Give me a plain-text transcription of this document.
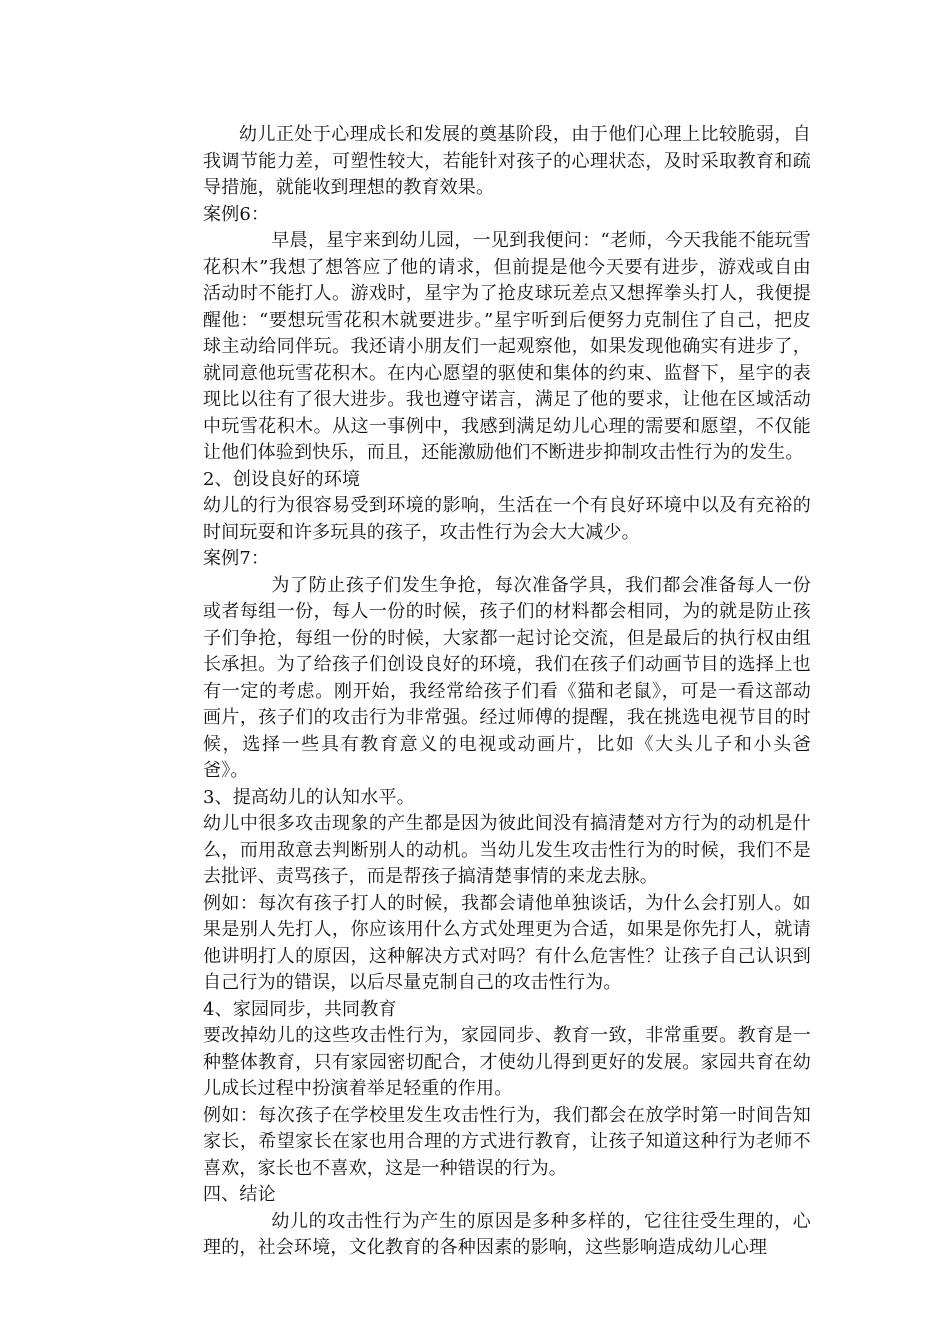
幼儿正处于心理成长和发展的奠基阶段，由于他们心理上比较脆弱，自我调节能力差，可塑性较大，若能针对孩子的心理状态，及时采取教育和疏导措施，就能收到理想的教育效果。

案例6：

早晨，星宇来到幼儿园，一见到我便问：“老师，今天我能不能玩雪花积木”我想了想答应了他的请求，但前提是他今天要有进步，游戏或自由活动时不能打人。游戏时，星宇为了抢皮球玩差点又想挥拳头打人，我便提醒他：“要想玩雪花积木就要进步。”星宇听到后便努力克制住了自己，把皮球主动给同伴玩。我还请小朋友们一起观察他，如果发现他确实有进步了，就同意他玩雪花积木。在内心愿望的驱使和集体的约束、监督下，星宇的表现比以往有了很大进步。我也遵守诺言，满足了他的要求，让他在区域活动中玩雪花积木。从这一事例中，我感到满足幼儿心理的需要和愿望，不仅能让他们体验到快乐，而且，还能激励他们不断进步抑制攻击性行为的发生。

2、创设良好的环境

幼儿的行为很容易受到环境的影响，生活在一个有良好环境中以及有充裕的时间玩耍和许多玩具的孩子，攻击性行为会大大减少。

案例7：

为了防止孩子们发生争抢，每次准备学具，我们都会准备每人一份或者每组一份，每人一份的时候，孩子们的材料都会相同，为的就是防止孩子们争抢，每组一份的时候，大家都一起讨论交流，但是最后的执行权由组长承担。为了给孩子们创设良好的环境，我们在孩子们动画节目的选择上也有一定的考虑。刚开始，我经常给孩子们看《猫和老鼠》，可是一看这部动画片，孩子们的攻击行为非常强。经过师傅的提醒，我在挑选电视节目的时候，选择一些具有教育意义的电视或动画片，比如《大头儿子和小头爸爸》。

3、提高幼儿的认知水平。

幼儿中很多攻击现象的产生都是因为彼此间没有搞清楚对方行为的动机是什么，而用敌意去判断别人的动机。当幼儿发生攻击性行为的时候，我们不是去批评、责骂孩子，而是帮孩子搞清楚事情的来龙去脉。

例如：每次有孩子打人的时候，我都会请他单独谈话，为什么会打别人。如果是别人先打人，你应该用什么方式处理更为合适，如果是你先打人，就请他讲明打人的原因，这种解决方式对吗？有什么危害性？让孩子自己认识到自己行为的错误，以后尽量克制自己的攻击性行为。

4、家园同步，共同教育

要改掉幼儿的这些攻击性行为，家园同步、教育一致，非常重要。教育是一种整体教育，只有家园密切配合，才使幼儿得到更好的发展。家园共育在幼儿成长过程中扮演着举足轻重的作用。

例如：每次孩子在学校里发生攻击性行为，我们都会在放学时第一时间告知家长，希望家长在家也用合理的方式进行教育，让孩子知道这种行为老师不喜欢，家长也不喜欢，这是一种错误的行为。

四、结论

幼儿的攻击性行为产生的原因是多种多样的，它往往受生理的，心理的，社会环境，文化教育的各种因素的影响，这些影响造成幼儿心理
